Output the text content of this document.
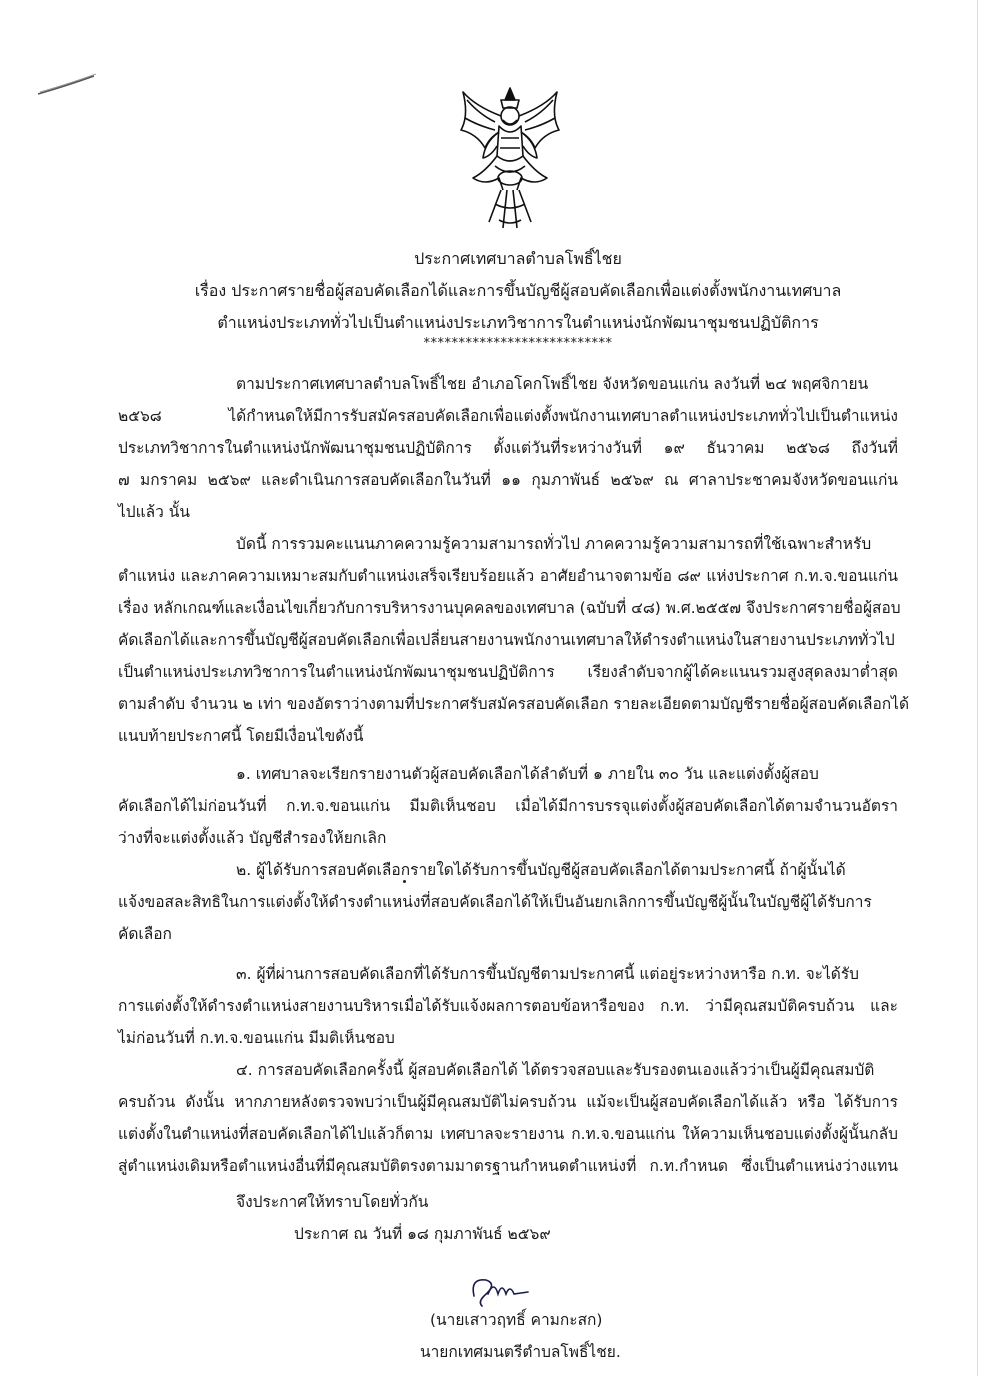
ประกาศเทศบาลตำบลโพธิ์ไชย
เรื่อง ประกาศรายชื่อผู้สอบคัดเลือกได้และการขึ้นบัญชีผู้สอบคัดเลือกเพื่อแต่งตั้งพนักงานเทศบาล
ตำแหน่งประเภททั่วไปเป็นตำแหน่งประเภทวิชาการในตำแหน่งนักพัฒนาชุมชนปฏิบัติการ
***************************
ตามประกาศเทศบาลตำบลโพธิ์ไชย อำเภอโคกโพธิ์ไชย จังหวัดขอนแก่น ลงวันที่ ๒๔ พฤศจิกายน
๒๕๖๘ ได้กำหนดให้มีการรับสมัครสอบคัดเลือกเพื่อแต่งตั้งพนักงานเทศบาลตำแหน่งประเภททั่วไปเป็นตำแหน่ง
ประเภทวิชาการในตำแหน่งนักพัฒนาชุมชนปฏิบัติการ ตั้งแต่วันที่ระหว่างวันที่ ๑๙ ธันวาคม ๒๕๖๘ ถึงวันที่
๗ มกราคม ๒๕๖๙ และดำเนินการสอบคัดเลือกในวันที่ ๑๑ กุมภาพันธ์ ๒๕๖๙ ณ ศาลาประชาคมจังหวัดขอนแก่น
ไปแล้ว นั้น
บัดนี้ การรวมคะแนนภาคความรู้ความสามารถทั่วไป ภาคความรู้ความสามารถที่ใช้เฉพาะสำหรับ
ตำแหน่ง และภาคความเหมาะสมกับตำแหน่งเสร็จเรียบร้อยแล้ว อาศัยอำนาจตามข้อ ๘๙ แห่งประกาศ ก.ท.จ.ขอนแก่น
เรื่อง หลักเกณฑ์และเงื่อนไขเกี่ยวกับการบริหารงานบุคคลของเทศบาล (ฉบับที่ ๔๘) พ.ศ.๒๕๕๗ จึงประกาศรายชื่อผู้สอบ
คัดเลือกได้และการขึ้นบัญชีผู้สอบคัดเลือกเพื่อเปลี่ยนสายงานพนักงานเทศบาลให้ดำรงตำแหน่งในสายงานประเภททั่วไป
เป็นตำแหน่งประเภทวิชาการในตำแหน่งนักพัฒนาชุมชนปฏิบัติการ เรียงลำดับจากผู้ได้คะแนนรวมสูงสุดลงมาต่ำสุด
ตามลำดับ จำนวน ๒ เท่า ของอัตราว่างตามที่ประกาศรับสมัครสอบคัดเลือก รายละเอียดตามบัญชีรายชื่อผู้สอบคัดเลือกได้
แนบท้ายประกาศนี้ โดยมีเงื่อนไขดังนี้
๑. เทศบาลจะเรียกรายงานตัวผู้สอบคัดเลือกได้ลำดับที่ ๑ ภายใน ๓๐ วัน และแต่งตั้งผู้สอบ
คัดเลือกได้ไม่ก่อนวันที่ ก.ท.จ.ขอนแก่น มีมติเห็นชอบ เมื่อได้มีการบรรจุแต่งตั้งผู้สอบคัดเลือกได้ตามจำนวนอัตรา
ว่างที่จะแต่งตั้งแล้ว บัญชีสำรองให้ยกเลิก
๒. ผู้ได้รับการสอบคัดเลือกรายใดได้รับการขึ้นบัญชีผู้สอบคัดเลือกได้ตามประกาศนี้ ถ้าผู้นั้นได้
แจ้งขอสละสิทธิในการแต่งตั้งให้ดำรงตำแหน่งที่สอบคัดเลือกได้ให้เป็นอันยกเลิกการขึ้นบัญชีผู้นั้นในบัญชีผู้ได้รับการ
คัดเลือก
๓. ผู้ที่ผ่านการสอบคัดเลือกที่ได้รับการขึ้นบัญชีตามประกาศนี้ แต่อยู่ระหว่างหารือ ก.ท. จะได้รับ
การแต่งตั้งให้ดำรงตำแหน่งสายงานบริหารเมื่อได้รับแจ้งผลการตอบข้อหารือของ ก.ท. ว่ามีคุณสมบัติครบถ้วน และ
ไม่ก่อนวันที่ ก.ท.จ.ขอนแก่น มีมติเห็นชอบ
๔. การสอบคัดเลือกครั้งนี้ ผู้สอบคัดเลือกได้ ได้ตรวจสอบและรับรองตนเองแล้วว่าเป็นผู้มีคุณสมบัติ
ครบถ้วน ดังนั้น หากภายหลังตรวจพบว่าเป็นผู้มีคุณสมบัติไม่ครบถ้วน แม้จะเป็นผู้สอบคัดเลือกได้แล้ว หรือ ได้รับการ
แต่งตั้งในตำแหน่งที่สอบคัดเลือกได้ไปแล้วก็ตาม เทศบาลจะรายงาน ก.ท.จ.ขอนแก่น ให้ความเห็นชอบแต่งตั้งผู้นั้นกลับ
สู่ตำแหน่งเดิมหรือตำแหน่งอื่นที่มีคุณสมบัติตรงตามมาตรฐานกำหนดตำแหน่งที่ ก.ท.กำหนด ซึ่งเป็นตำแหน่งว่างแทน
จึงประกาศให้ทราบโดยทั่วกัน
ประกาศ ณ วันที่ ๑๘ กุมภาพันธ์ ๒๕๖๙
(นายเสาวฤทธิ์ คามกะสก)
นายกเทศมนตรีตำบลโพธิ์ไชย.
